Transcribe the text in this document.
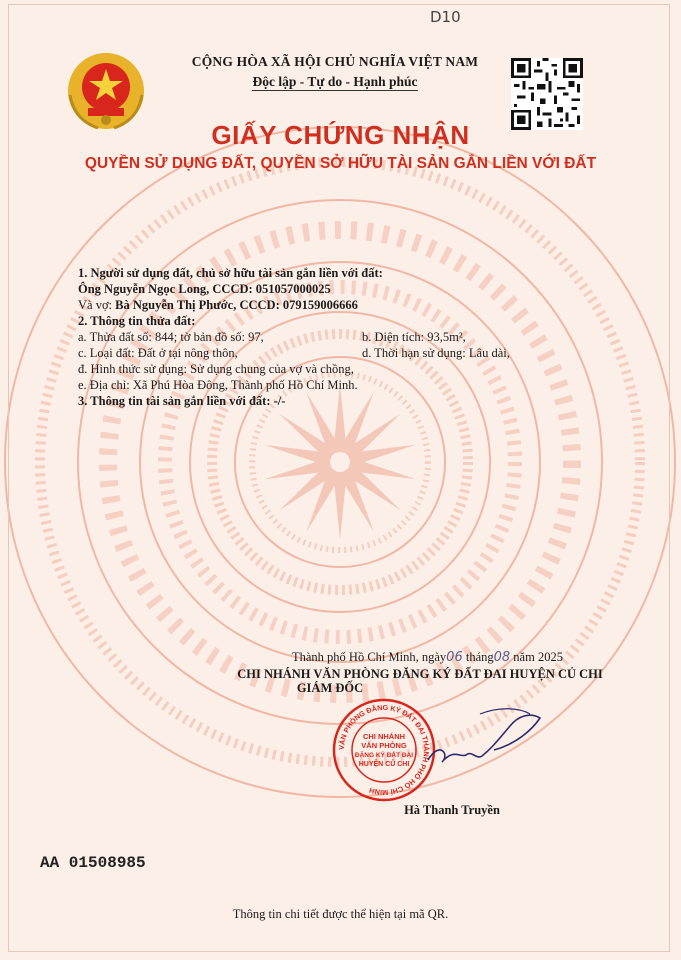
D10
CỘNG HÒA XÃ HỘI CHỦ NGHĨA VIỆT NAM
Độc lập - Tự do - Hạnh phúc
GIẤY CHỨNG NHẬN
QUYỀN SỬ DỤNG ĐẤT, QUYỀN SỞ HỮU TÀI SẢN GẮN LIỀN VỚI ĐẤT
1. Người sử dụng đất, chủ sở hữu tài sản gắn liền với đất:
Ông Nguyễn Ngọc Long, CCCD: 051057000025
Và vợ: Bà Nguyễn Thị Phước, CCCD: 079159006666
2. Thông tin thửa đất:
a. Thửa đất số: 844; tờ bản đồ số: 97,	b. Diện tích: 93,5m²,
c. Loại đất: Đất ở tại nông thôn,	d. Thời hạn sử dụng: Lâu dài,
đ. Hình thức sử dụng: Sử dụng chung của vợ và chồng,
e. Địa chỉ: Xã Phú Hòa Đông, Thành phố Hồ Chí Minh.
3. Thông tin tài sản gắn liền với đất: -/-
Thành phố Hồ Chí Minh, ngày06 tháng08 năm 2025
CHI NHÁNH VĂN PHÒNG ĐĂNG KÝ ĐẤT ĐAI HUYỆN CỦ CHI
GIÁM ĐỐC
VĂN PHÒNG ĐĂNG KÝ ĐẤT ĐAI THÀNH PHỐ HỒ CHÍ MINH
CHI NHÁNH
VĂN PHÒNG
ĐĂNG KÝ ĐẤT ĐAI
HUYỆN CỦ CHI
Hà Thanh Truyền
AA 01508985
Thông tin chi tiết được thể hiện tại mã QR.
